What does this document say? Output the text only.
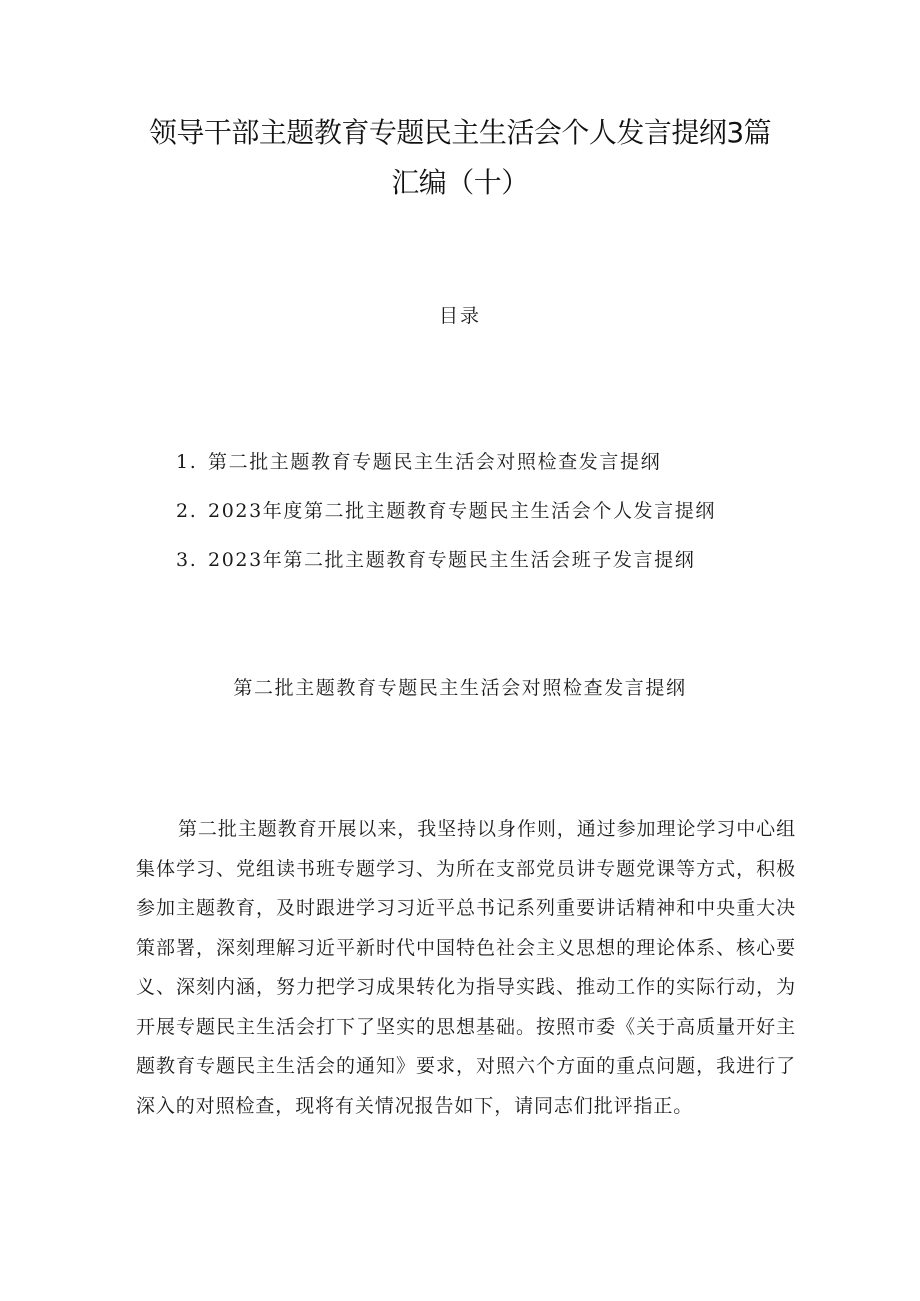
领导干部主题教育专题民主生活会个人发言提纲3篇
汇编（十）
目录
1. 第二批主题教育专题民主生活会对照检查发言提纲
2. 2023年度第二批主题教育专题民主生活会个人发言提纲
3. 2023年第二批主题教育专题民主生活会班子发言提纲
第二批主题教育专题民主生活会对照检查发言提纲

第二批主题教育开展以来，我坚持以身作则，通过参加理论学习中心组集体学习、党组读书班专题学习、为所在支部党员讲专题党课等方式，积极参加主题教育，及时跟进学习习近平总书记系列重要讲话精神和中央重大决策部署，深刻理解习近平新时代中国特色社会主义思想的理论体系、核心要义、深刻内涵，努力把学习成果转化为指导实践、推动工作的实际行动，为开展专题民主生活会打下了坚实的思想基础。按照市委《关于高质量开好主题教育专题民主生活会的通知》要求，对照六个方面的重点问题，我进行了深入的对照检查，现将有关情况报告如下，请同志们批评指正。
